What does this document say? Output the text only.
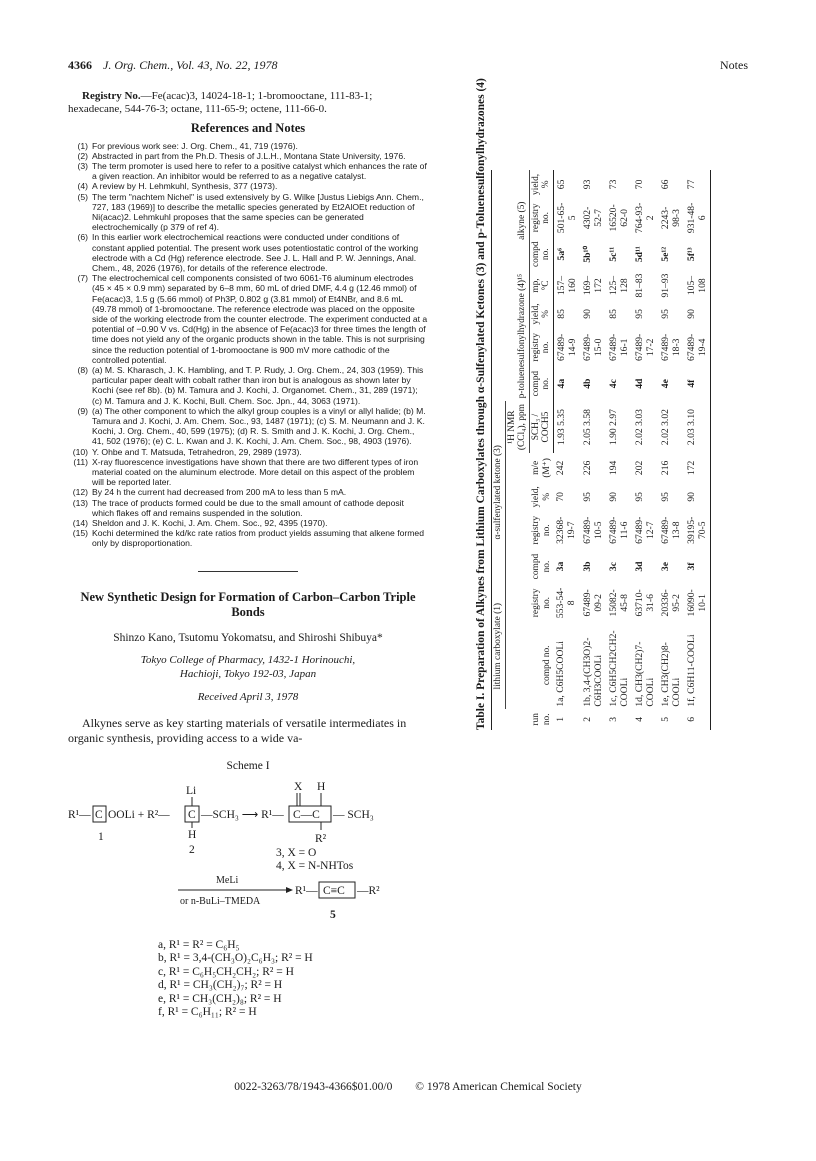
4366 J. Org. Chem., Vol. 43, No. 22, 1978	Notes

Registry No.—Fe(acac)3, 14024-18-1; 1-bromooctane, 111-83-1; hexadecane, 544-76-3; octane, 111-65-9; octene, 111-66-0.

References and Notes
(1) For previous work see: J. Org. Chem., 41, 719 (1976).
(2) Abstracted in part from the Ph.D. Thesis of J.L.H., Montana State University, 1976.
(3) The term promoter is used here to refer to a positive catalyst which enhances the rate of a given reaction. An inhibitor would be referred to as a negative catalyst.
(4) A review by H. Lehmkuhl, Synthesis, 377 (1973).
(5) The term "nachtem Nichel" is used extensively by G. Wilke [Justus Liebigs Ann. Chem., 727, 183 (1969)] to describe the metallic species generated by Et2AlOEt reduction of Ni(acac)2. Lehmkuhl proposes that the same species can be generated electrochemically (p 379 of ref 4).
(6) In this earlier work electrochemical reactions were conducted under conditions of constant applied potential. The present work uses potentiostatic control of the working electrode with a Cd (Hg) reference electrode. See J. L. Hall and P. W. Jennings, Anal. Chem., 48, 2026 (1976), for details of the reference electrode.
(7) The electrochemical cell components consisted of two 6061-T6 aluminum electrodes (45 × 45 × 0.9 mm) separated by 6–8 mm, 60 mL of dried DMF, 4.4 g (12.46 mmol) of Fe(acac)3, 1.5 g (5.66 mmol) of Ph3P, 0.802 g (3.81 mmol) of Et4NBr, and 8.6 mL (49.78 mmol) of 1-bromooctane. The reference electrode was placed on the opposite side of the working electrode from the counter electrode. The experiment conducted at a potential of −0.90 V vs. Cd(Hg) in the absence of Fe(acac)3 for three times the length of time does not yield any of the organic products shown in the table. This is not surprising since the reduction potential of 1-bromooctane is 900 mV more cathodic of the controlled potential.
(8) (a) M. S. Kharasch, J. K. Hambling, and T. P. Rudy, J. Org. Chem., 24, 303 (1959). This particular paper dealt with cobalt rather than iron but is analogous as shown later by Kochi (see ref 8b). (b) M. Tamura and J. Kochi, J. Organomet. Chem., 31, 289 (1971); (c) M. Tamura and J. K. Kochi, Bull. Chem. Soc. Jpn., 44, 3063 (1971).
(9) (a) The other component to which the alkyl group couples is a vinyl or allyl halide; (b) M. Tamura and J. Kochi, J. Am. Chem. Soc., 93, 1487 (1971); (c) S. M. Neumann and J. K. Kochi, J. Org. Chem., 40, 599 (1975); (d) R. S. Smith and J. K. Kochi, J. Org. Chem., 41, 502 (1976); (e) C. L. Kwan and J. K. Kochi, J. Am. Chem. Soc., 98, 4903 (1976).
(10) Y. Ohbe and T. Matsuda, Tetrahedron, 29, 2989 (1973).
(11) X-ray fluorescence investigations have shown that there are two different types of iron material coated on the aluminum electrode. More detail on this aspect of the problem will be reported later.
(12) By 24 h the current had decreased from 200 mA to less than 5 mA.
(13) The trace of products formed could be due to the small amount of cathode deposit which flakes off and remains suspended in the solution.
(14) Sheldon and J. K. Kochi, J. Am. Chem. Soc., 92, 4395 (1970).
(15) Kochi determined the kd/kc rate ratios from product yields assuming that alkene formed only by disproportionation.
New Synthetic Design for Formation of Carbon–Carbon Triple Bonds
Shinzo Kano, Tsutomu Yokomatsu, and Shiroshi Shibuya*
Tokyo College of Pharmacy, 1432-1 Horinouchi,
Hachioji, Tokyo 192-03, Japan
Received April 3, 1978

Alkynes serve as key starting materials of versatile intermediates in organic synthesis, providing access to a wide va-

Scheme I
R¹— C OOLi + R²—
Li
C
H
—SCH₃ ⟶ R¹—
X H
C—C — SCH₃
R²
1
2	3, X = O
4, X = N-NHTos
MeLi
or n-BuLi–TMEDA
R¹— C≡C —R²
5
a, R¹ = R² = C₆H₅
b, R¹ = 3,4-(CH₃O)₂C₆H₃; R² = H
c, R¹ = C₆H₅CH₂CH₂; R² = H
d, R¹ = CH₃(CH₂)₇; R² = H
e, R¹ = CH₃(CH₂)₈; R² = H
f, R¹ = C₆H₁₁; R² = H
Table I. Preparation of Alkynes from Lithium Carboxylates through α-Sulfenylated Ketones (3) and p-Toluenesulfonylhydrazones (4)	run no.	lithium carboxylate (1)		α-sulfenylated ketone (3)					p-toluenesulfonylhydrazone (4)¹⁵				alkyne (5)		
	compd no.	registry no.	compd no.	registry no.	yield, %	m/e (M⁺)	¹H NMR (CCl₄), ppm							
							SCH₃ / COCH5	compd no.	registry no.	yield, %	mp, °C	compd no.	registry no.	yield, %
1	1a, C6H5COOLi	553-54-8	3a	32368-19-7	70	242	1.93 5.35	4a	67489-14-9	85	157–160	5a⁶	501-65-5	65
2	1b, 3,4-(CH3O)2-C6H3COOLi	67489-09-2	3b	67489-10-5	95	226	2.05 3.58	4b	67489-15-0	90	169–172	5b¹⁰	4302-52-7	93
3	1c, C6H5CH2CH2-COOLi	15082-45-8	3c	67489-11-6	90	194	1.90 2.97	4c	67489-16-1	85	125–128	5c¹¹	16520-62-0	73
4	1d, CH3(CH2)7-COOLi	63710-31-6	3d	67489-12-7	95	202	2.02 3.03	4d	67489-17-2	95	81–83	5d¹¹	764-93-2	70
5	1e, CH3(CH2)8-COOLi	20336-95-2	3e	67489-13-8	95	216	2.02 3.02	4e	67489-18-3	95	91–93	5e¹²	2243-98-3	66
6	1f, C6H11-COOLi	16090-10-1	3f	39195-70-5	90	172	2.03 3.10	4f	67489-19-4	90	105–108	5f¹³	931-48-6	77
0022-3263/78/1943-4366$01.00/0 © 1978 American Chemical Society
